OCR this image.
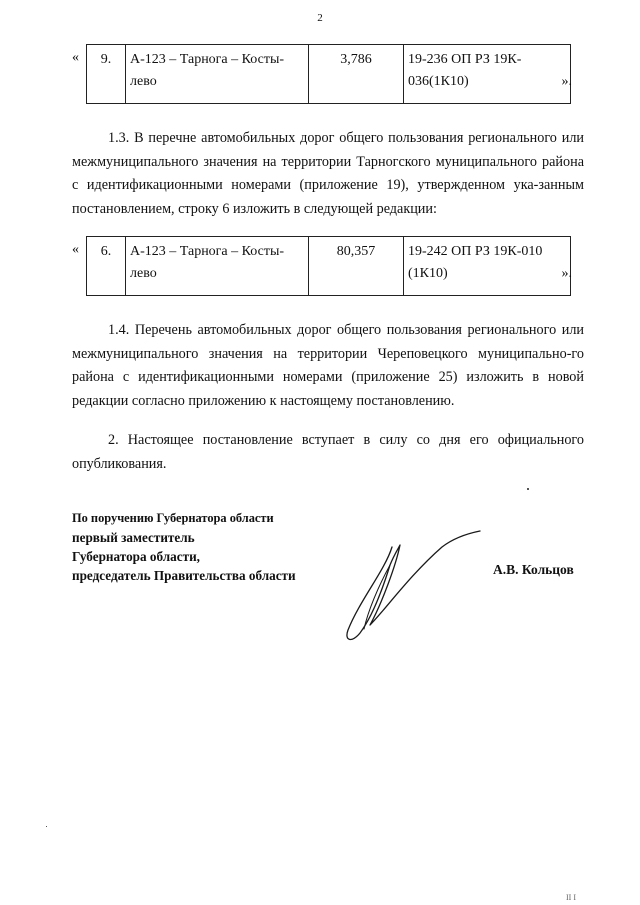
2
« 9.	А-123 – Тарнога – Косты-лево	3,786	19-236 ОП РЗ 19К-
036(1К10)	».

1.3. В перечне автомобильных дорог общего пользования регионального или межмуниципального значения на территории Тарногского муниципального района с идентификационными номерами (приложение 19), утвержденном ука-занным постановлением, строку 6 изложить в следующей редакции:

« 6.	А-123 – Тарнога – Косты-лево	80,357	19-242 ОП РЗ 19К-010
(1К10)	».

1.4. Перечень автомобильных дорог общего пользования регионального или межмуниципального значения на территории Череповецкого муниципально-го района с идентификационными номерами (приложение 25) изложить в новой редакции согласно приложению к настоящему постановлению.

2. Настоящее постановление вступает в силу со дня его официального опубликования.

По поручению Губернатора области
первый заместитель
Губернатора области,
председатель Правительства области	А.В. Кольцов
II I
